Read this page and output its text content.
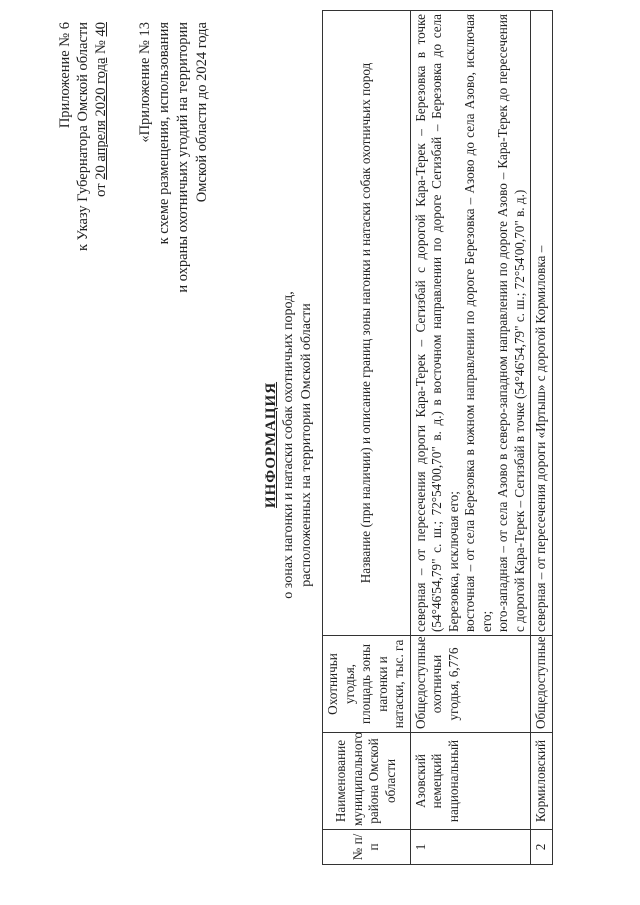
Приложение № 6 к Указу Губернатора Омской области от 20 апреля 2020 года № 40 «Приложение № 13 к схеме размещения, использования и охраны охотничьих угодий на территории Омской области до 2024 года
ИНФОРМАЦИЯ о зонах нагонки и натаски собак охотничьих пород, расположенных на территории Омской области
№ п/п	Наименование муниципального района Омской области	Охотничьи угодья, площадь зоны нагонки и натаски, тыс. га	Название (при наличии) и описание границ зоны нагонки и натаски собак охотничьих пород
1	Азовский немецкий национальный	Общедоступные охотничьи угодья, 6,776	северная – от пересечения дороги Кара-Терек – Сегизбай с дорогой Кара-Терек – Березовка в точке (54°46'54,79" с. ш.; 72°54'00,70" в. д.) в восточном направлении по дороге Сегизбай – Березовка до села Березовка, исключая его; восточная – от села Березовка в южном направлении по дороге Березовка – Азово до села Азово, исключая его; юго-западная – от села Азово в северо-западном направлении по дороге Азово – Кара-Терек до пересечения с дорогой Кара-Терек – Сегизбай в точке (54°46'54,79" с. ш.; 72°54'00,70" в. д.)

2	Кормиловский	Общедоступные	северная – от пересечения дороги «Иртыш» с дорогой Кормиловка –
